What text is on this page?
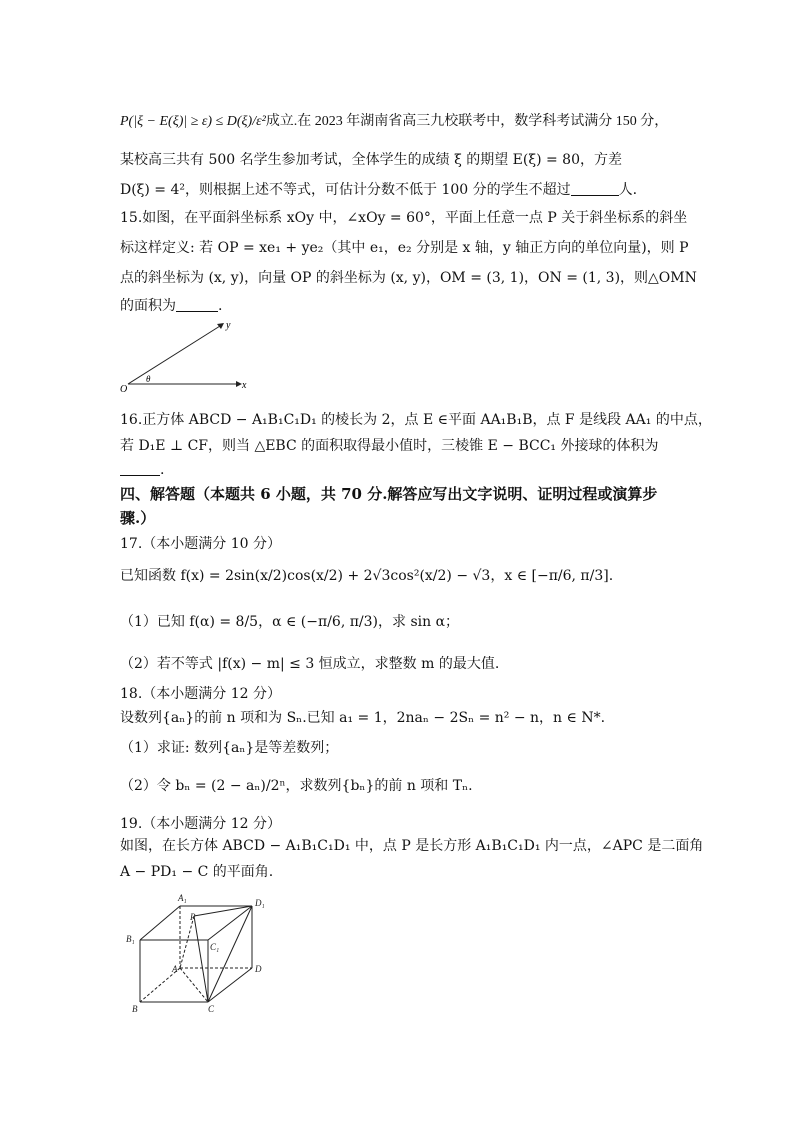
P(|ξ − E(ξ)| ≥ ε) ≤ D(ξ)/ε²成立.在 2023 年湖南省高三九校联考中，数学科考试满分 150 分，
某校高三共有 500 名学生参加考试，全体学生的成绩 ξ 的期望 E(ξ) = 80，方差
D(ξ) = 4²，则根据上述不等式，可估计分数不低于 100 分的学生不超过	人.
15.如图，在平面斜坐标系 xOy 中，∠xOy = 60°，平面上任意一点 P 关于斜坐标系的斜坐
标这样定义: 若 OP = xe₁ + ye₂（其中 e₁，e₂ 分别是 x 轴，y 轴正方向的单位向量)，则 P
点的斜坐标为 (x, y)，向量 OP 的斜坐标为 (x, y)，OM = (3, 1)，ON = (1, 3)，则△OMN
的面积为	.
y
x
O
θ
16.正方体 ABCD − A₁B₁C₁D₁ 的棱长为 2，点 E ∈平面 AA₁B₁B，点 F 是线段 AA₁ 的中点，
若 D₁E ⊥ CF，则当 △EBC 的面积取得最小值时，三棱锥 E − BCC₁ 外接球的体积为
.
四、解答题（本题共 6 小题，共 70 分.解答应写出文字说明、证明过程或演算步
骤.）
17.（本小题满分 10 分）
已知函数 f(x) = 2sin(x/2)cos(x/2) + 2√3cos²(x/2) − √3，x ∈ [−π/6, π/3].
（1）已知 f(α) = 8/5，α ∈ (−π/6, π/3)，求 sin α；
（2）若不等式 |f(x) − m| ≤ 3 恒成立，求整数 m 的最大值.
18.（本小题满分 12 分）
设数列{aₙ}的前 n 项和为 Sₙ.已知 a₁ = 1，2naₙ − 2Sₙ = n² − n，n ∈ N*.
（1）求证: 数列{aₙ}是等差数列；
（2）令 bₙ = (2 − aₙ)/2ⁿ，求数列{bₙ}的前 n 项和 Tₙ.
19.（本小题满分 12 分）
如图，在长方体 ABCD − A₁B₁C₁D₁ 中，点 P 是长方形 A₁B₁C₁D₁ 内一点，∠APC 是二面角
A − PD₁ − C 的平面角.
A₁	D₁
B₁
C₁
P
A	D
B	C
